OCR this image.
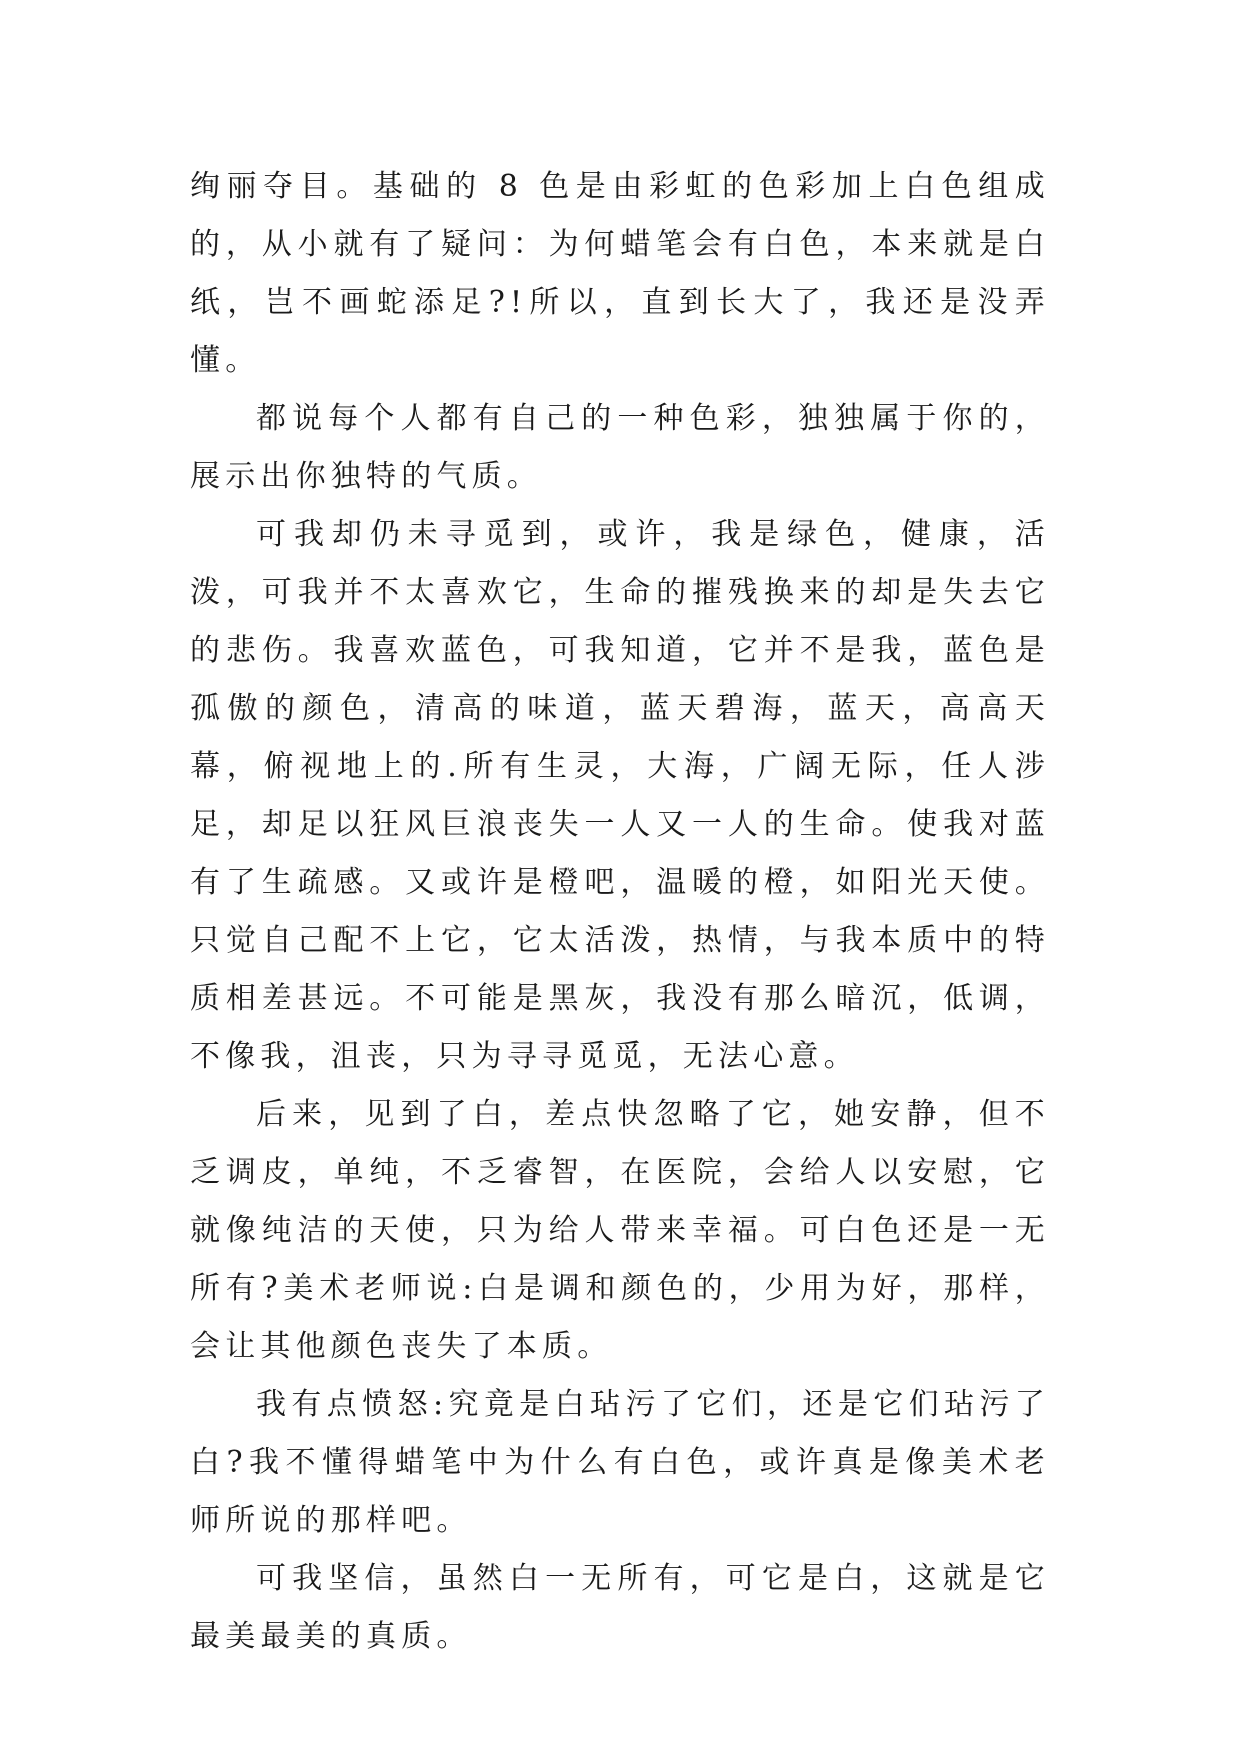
绚丽夺目。基础的 8 色是由彩虹的色彩加上白色组成的，从小就有了疑问：为何蜡笔会有白色，本来就是白纸，岂不画蛇添足?!所以，直到长大了，我还是没弄懂。

都说每个人都有自己的一种色彩，独独属于你的，展示出你独特的气质。

可我却仍未寻觅到，或许，我是绿色，健康，活泼，可我并不太喜欢它，生命的摧残换来的却是失去它的悲伤。我喜欢蓝色，可我知道，它并不是我，蓝色是孤傲的颜色，清高的味道，蓝天碧海，蓝天，高高天幕，俯视地上的.所有生灵，大海，广阔无际，任人涉足，却足以狂风巨浪丧失一人又一人的生命。使我对蓝有了生疏感。又或许是橙吧，温暖的橙，如阳光天使。只觉自己配不上它，它太活泼，热情，与我本质中的特质相差甚远。不可能是黑灰，我没有那么暗沉，低调，不像我，沮丧，只为寻寻觅觅，无法心意。

后来，见到了白，差点快忽略了它，她安静，但不乏调皮，单纯，不乏睿智，在医院，会给人以安慰，它就像纯洁的天使，只为给人带来幸福。可白色还是一无所有?美术老师说:白是调和颜色的，少用为好，那样，会让其他颜色丧失了本质。

我有点愤怒:究竟是白玷污了它们，还是它们玷污了白?我不懂得蜡笔中为什么有白色，或许真是像美术老师所说的那样吧。

可我坚信，虽然白一无所有，可它是白，这就是它最美最美的真质。
